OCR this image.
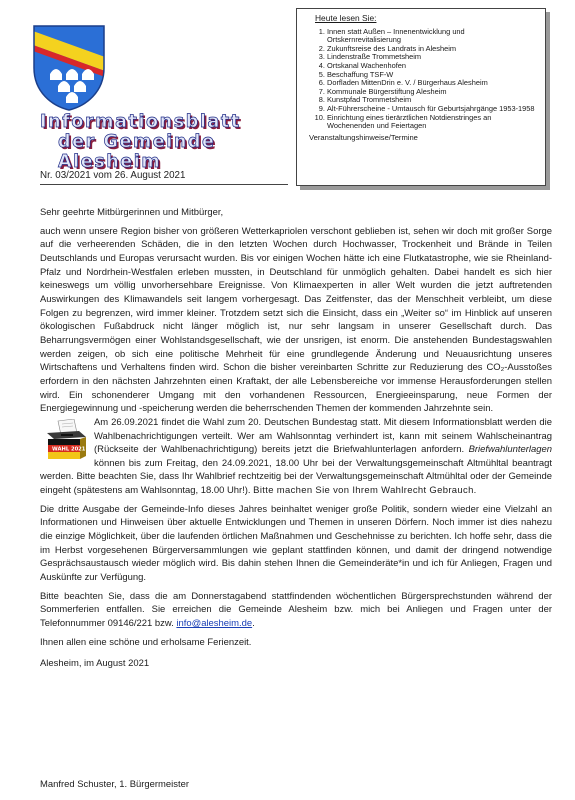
Informationsblatt
der Gemeinde Alesheim
Nr. 03/2021 vom 26. August 2021
Heute lesen Sie:
1. Innen statt Außen – Innenentwicklung und Ortskernrevitalisierung
2. Zukunftsreise des Landrats in Alesheim
3. Lindenstraße Trommetsheim
4. Ortskanal Wachenhofen
5. Beschaffung TSF-W
6. Dorfladen MittenDrin e. V. / Bürgerhaus Alesheim
7. Kommunale Bürgerstiftung Alesheim
8. Kunstpfad Trommetsheim
9. Alt-Führerscheine - Umtausch für Geburtsjahrgänge 1953-1958
10. Einrichtung eines tierärztlichen Notdienstringes an Wochenenden und Feiertagen
Veranstaltungshinweise/Termine

Sehr geehrte Mitbürgerinnen und Mitbürger,

auch wenn unsere Region bisher von größeren Wetterkapriolen verschont geblieben ist, sehen wir doch mit großer Sorge auf die verheerenden Schäden, die in den letzten Wochen durch Hochwasser, Trockenheit und Brände in Teilen Deutschlands und Europas verursacht wurden. Bis vor einigen Wochen hätte ich eine Flutkatastrophe, wie sie Rheinland-Pfalz und Nordrhein-Westfalen erleben mussten, in Deutschland für unmöglich gehalten. Dabei handelt es sich hier keineswegs um völlig unvorhersehbare Ereignisse. Von Klimaexperten in aller Welt wurden die jetzt auftretenden Auswirkungen des Klimawandels seit langem vorhergesagt. Das Zeitfenster, das der Menschheit verbleibt, um diese Folgen zu begrenzen, wird immer kleiner. Trotzdem setzt sich die Einsicht, dass ein „Weiter so“ im Hinblick auf unseren ökologischen Fußabdruck nicht länger möglich ist, nur sehr langsam in unserer Gesellschaft durch. Das Beharrungsvermögen einer Wohlstandsgesellschaft, wie der unsrigen, ist enorm. Die anstehenden Bundestagswahlen werden zeigen, ob sich eine politische Mehrheit für eine grundlegende Änderung und Neuausrichtung unseres Wirtschaftens und Verhaltens finden wird. Schon die bisher vereinbarten Schritte zur Reduzierung des CO₂-Ausstoßes erfordern in den nächsten Jahrzehnten einen Kraftakt, der alle Lebensbereiche vor immense Herausforderungen stellen wird. Ein schonenderer Umgang mit den vorhandenen Ressourcen, Energieeinsparung, neue Formen der Energiegewinnung und -speicherung werden die beherrschenden Themen der kommenden Jahrzehnte sein.

WAHL 2021

Am 26.09.2021 findet die Wahl zum 20. Deutschen Bundestag statt. Mit diesem Informationsblatt werden die Wahlbenachrichtigungen verteilt. Wer am Wahlsonntag verhindert ist, kann mit seinem Wahlscheinantrag (Rückseite der Wahlbenachrichtigung) bereits jetzt die Briefwahlunterlagen anfordern. Briefwahlunterlagen können bis zum Freitag, den 24.09.2021, 18.00 Uhr bei der Verwaltungsgemeinschaft Altmühltal beantragt werden. Bitte beachten Sie, dass Ihr Wahlbrief rechtzeitig bei der Verwaltungsgemeinschaft Altmühltal oder der Gemeinde eingeht (spätestens am Wahlsonntag, 18.00 Uhr!). Bitte machen Sie von Ihrem Wahlrecht Gebrauch.

Die dritte Ausgabe der Gemeinde-Info dieses Jahres beinhaltet weniger große Politik, sondern wieder eine Vielzahl an Informationen und Hinweisen über aktuelle Entwicklungen und Themen in unseren Dörfern. Noch immer ist dies nahezu die einzige Möglichkeit, über die laufenden örtlichen Maßnahmen und Geschehnisse zu berichten. Ich hoffe sehr, dass die im Herbst vorgesehenen Bürgerversammlungen wie geplant stattfinden können, und damit der dringend notwendige Gesprächsaustausch wieder möglich wird. Bis dahin stehen Ihnen die Gemeinderäte*in und ich für Anliegen, Fragen und Auskünfte zur Verfügung.

Bitte beachten Sie, dass die am Donnerstagabend stattfindenden wöchentlichen Bürgersprechstunden während der Sommerferien entfallen. Sie erreichen die Gemeinde Alesheim bzw. mich bei Anliegen und Fragen unter der Telefonnummer 09146/221 bzw. info@alesheim.de.

Ihnen allen eine schöne und erholsame Ferienzeit.

Alesheim, im August 2021

Manfred Schuster, 1. Bürgermeister
